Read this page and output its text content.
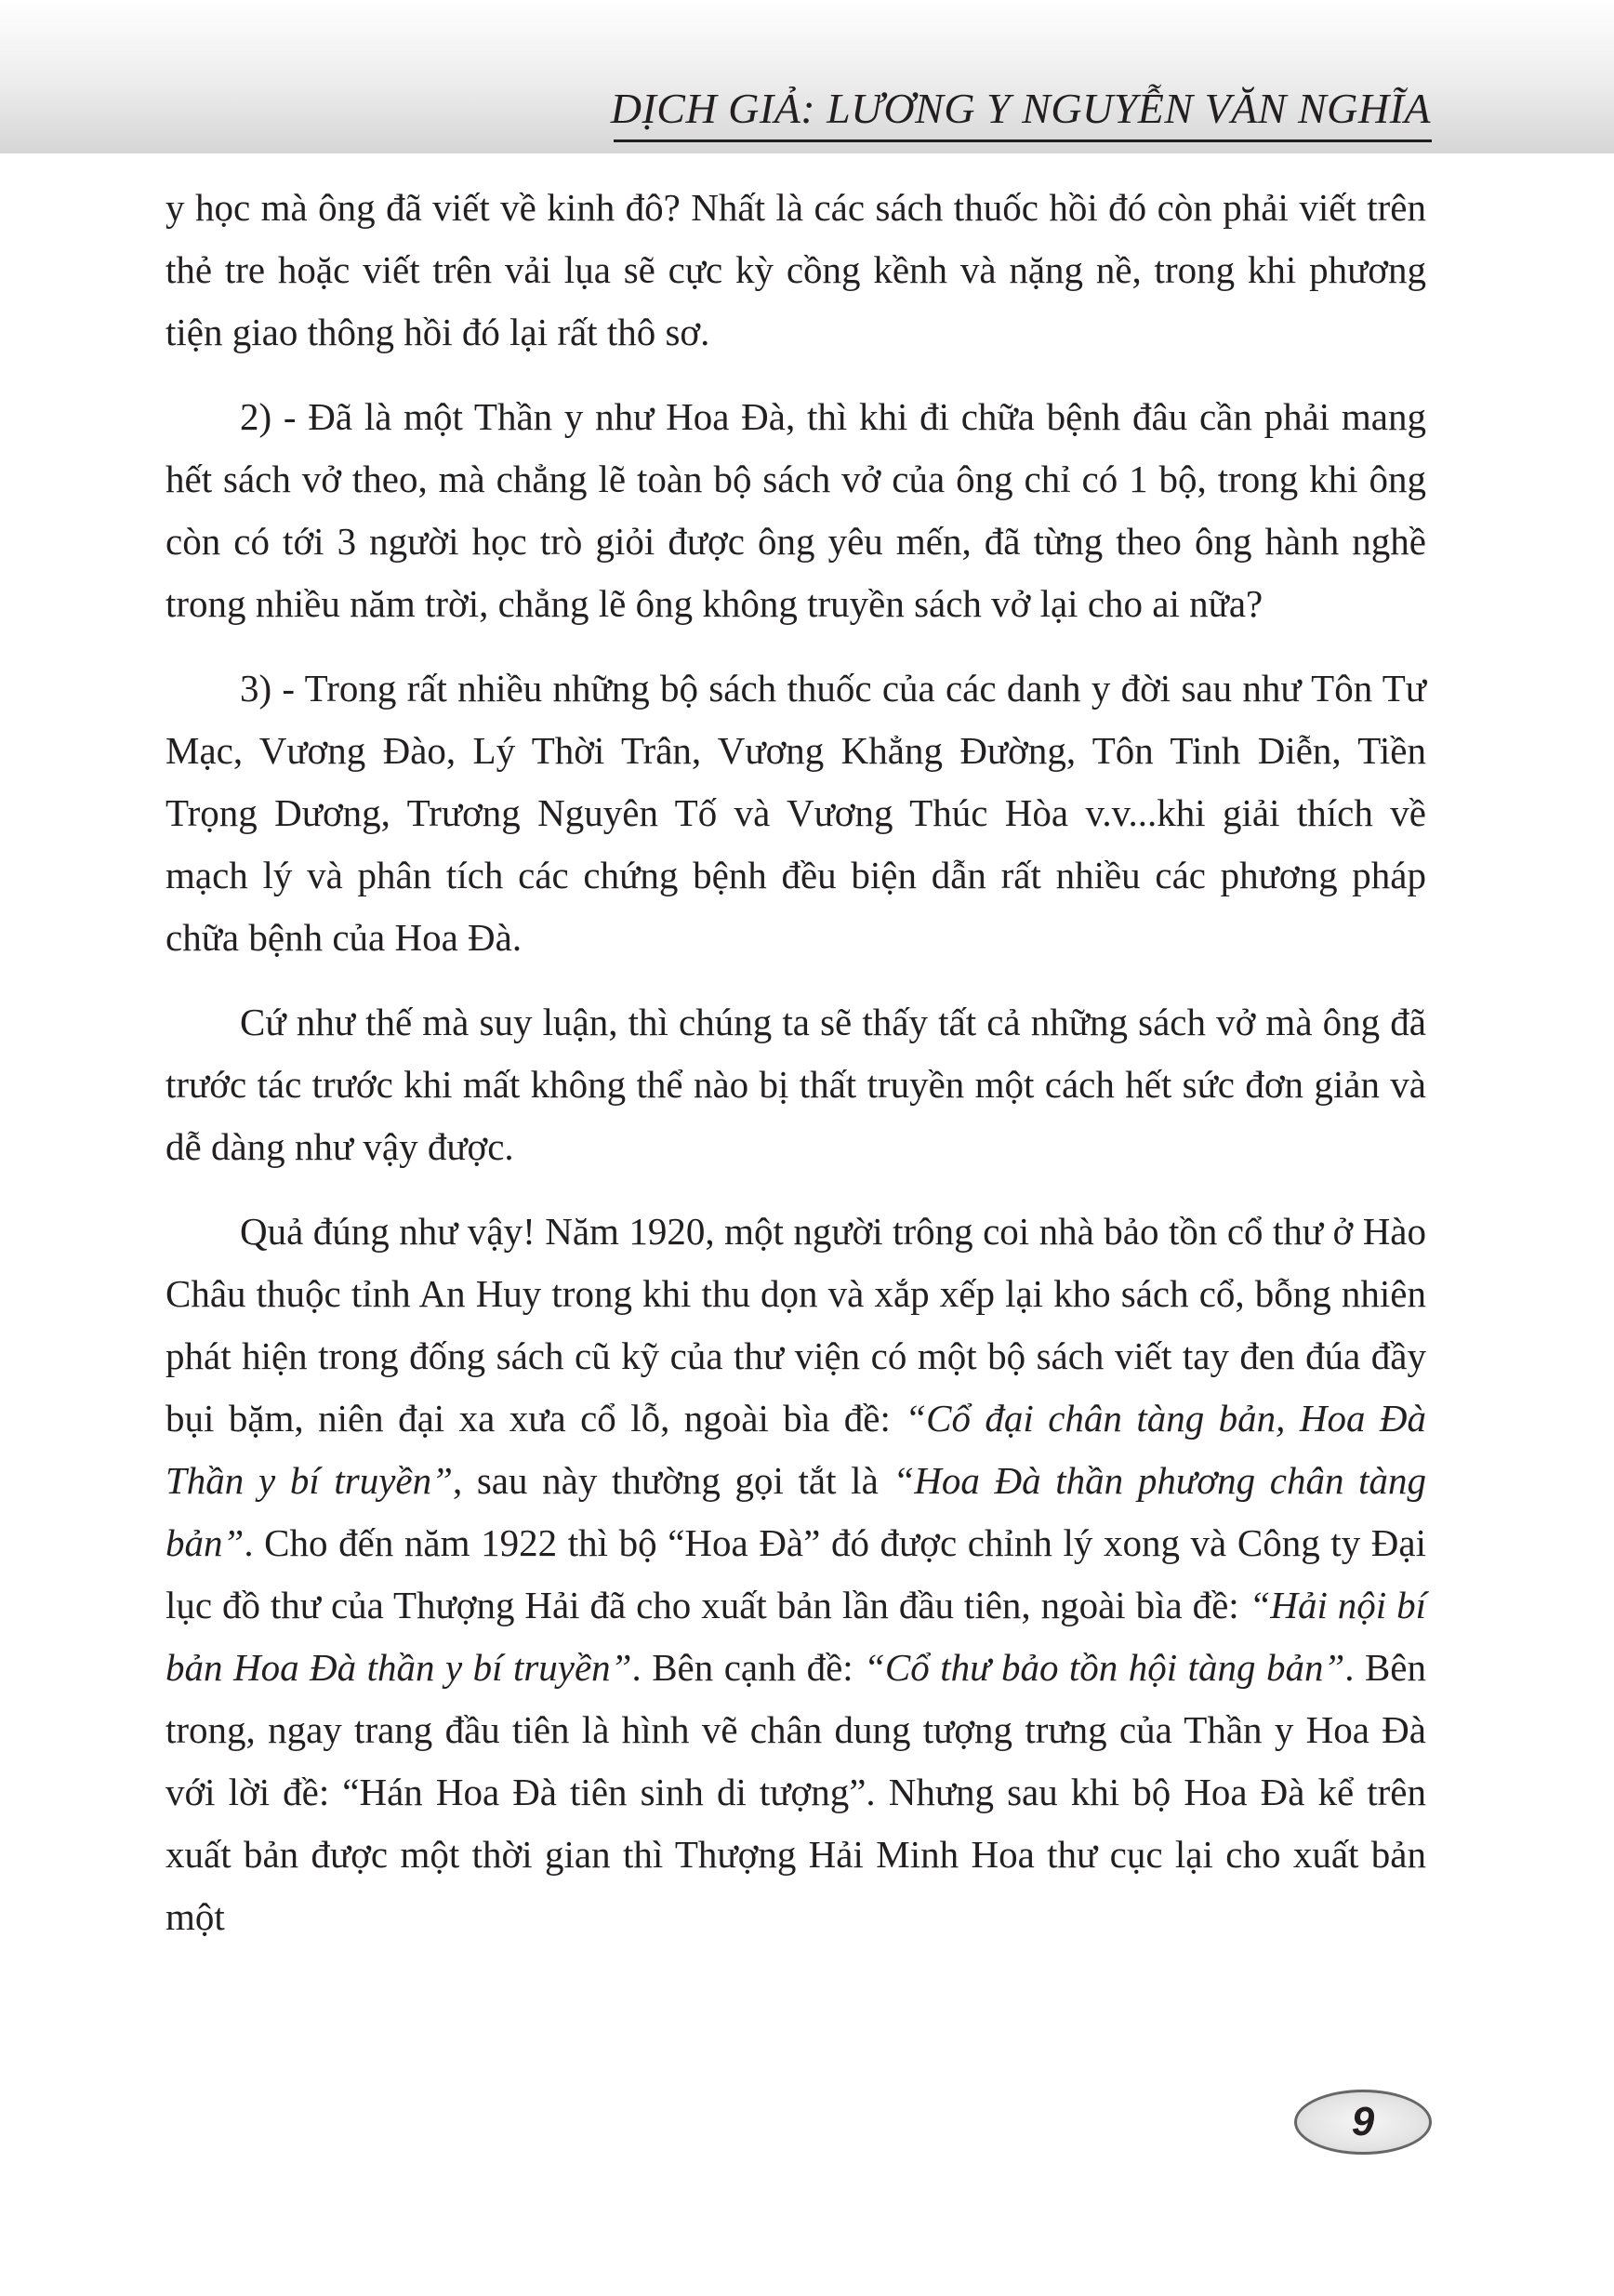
DỊCH GIẢ: LƯƠNG Y NGUYỄN VĂN NGHĨA

y học mà ông đã viết về kinh đô? Nhất là các sách thuốc hồi đó còn phải viết trên thẻ tre hoặc viết trên vải lụa sẽ cực kỳ cồng kềnh và nặng nề, trong khi phương tiện giao thông hồi đó lại rất thô sơ.

2) - Đã là một Thần y như Hoa Đà, thì khi đi chữa bệnh đâu cần phải mang hết sách vở theo, mà chẳng lẽ toàn bộ sách vở của ông chỉ có 1 bộ, trong khi ông còn có tới 3 người học trò giỏi được ông yêu mến, đã từng theo ông hành nghề trong nhiều năm trời, chẳng lẽ ông không truyền sách vở lại cho ai nữa?

3) - Trong rất nhiều những bộ sách thuốc của các danh y đời sau như Tôn Tư Mạc, Vương Đào, Lý Thời Trân, Vương Khẳng Đường, Tôn Tinh Diễn, Tiền Trọng Dương, Trương Nguyên Tố và Vương Thúc Hòa v.v...khi giải thích về mạch lý và phân tích các chứng bệnh đều biện dẫn rất nhiều các phương pháp chữa bệnh của Hoa Đà.

Cứ như thế mà suy luận, thì chúng ta sẽ thấy tất cả những sách vở mà ông đã trước tác trước khi mất không thể nào bị thất truyền một cách hết sức đơn giản và dễ dàng như vậy được.

Quả đúng như vậy! Năm 1920, một người trông coi nhà bảo tồn cổ thư ở Hào Châu thuộc tỉnh An Huy trong khi thu dọn và xắp xếp lại kho sách cổ, bỗng nhiên phát hiện trong đống sách cũ kỹ của thư viện có một bộ sách viết tay đen đúa đầy bụi bặm, niên đại xa xưa cổ lỗ, ngoài bìa đề: “Cổ đại chân tàng bản, Hoa Đà Thần y bí truyền”, sau này thường gọi tắt là “Hoa Đà thần phương chân tàng bản”. Cho đến năm 1922 thì bộ “Hoa Đà” đó được chỉnh lý xong và Công ty Đại lục đồ thư của Thượng Hải đã cho xuất bản lần đầu tiên, ngoài bìa đề: “Hải nội bí bản Hoa Đà thần y bí truyền”. Bên cạnh đề: “Cổ thư bảo tồn hội tàng bản”. Bên trong, ngay trang đầu tiên là hình vẽ chân dung tượng trưng của Thần y Hoa Đà với lời đề: “Hán Hoa Đà tiên sinh di tượng”. Nhưng sau khi bộ Hoa Đà kể trên xuất bản được một thời gian thì Thượng Hải Minh Hoa thư cục lại cho xuất bản một

9
